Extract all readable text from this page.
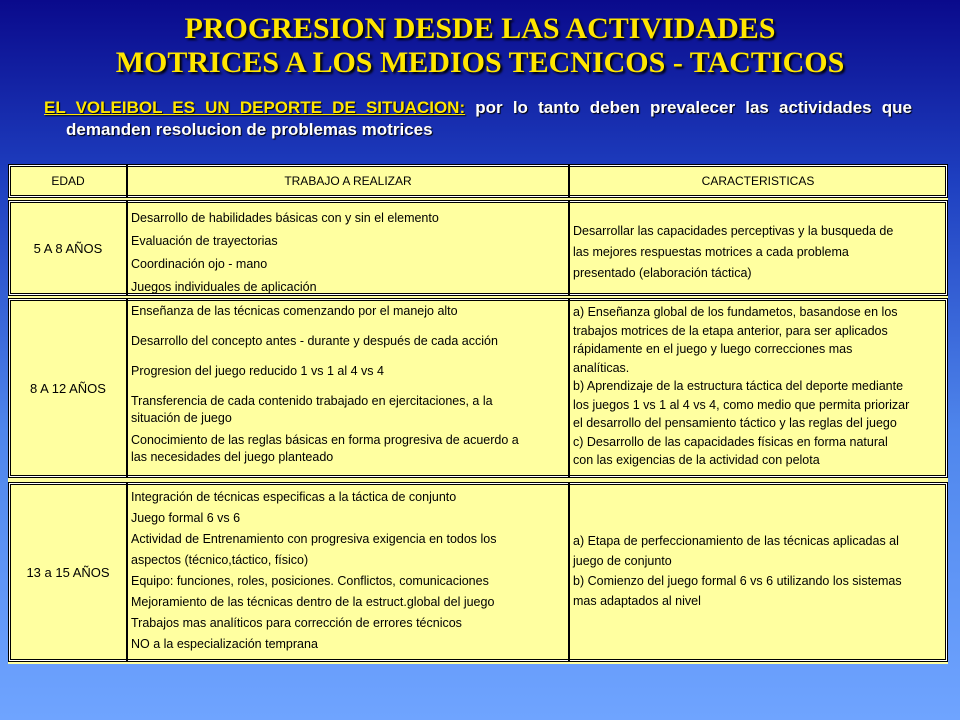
PROGRESION DESDE LAS ACTIVIDADES
MOTRICES A LOS MEDIOS TECNICOS - TACTICOS
EL VOLEIBOL ES UN DEPORTE DE SITUACION: por lo tanto deben prevalecer las actividades que demanden resolucion de problemas motrices
EDAD	TRABAJO A REALIZAR	CARACTERISTICAS
5 A 8 AÑOS
Desarrollo de habilidades básicas con y sin el elemento
Evaluación de trayectorias
Coordinación ojo - mano
Juegos individuales de aplicación
Desarrollar las capacidades perceptivas y la busqueda de
las mejores respuestas motrices a cada problema
presentado (elaboración táctica)
8 A 12 AÑOS
Enseñanza de las técnicas comenzando por el manejo alto
Desarrollo del concepto antes - durante y después de cada acción
Progresion del juego reducido 1 vs 1 al 4 vs 4
Transferencia de cada contenido trabajado en ejercitaciones, a la
situación de juego
Conocimiento de las reglas básicas en forma progresiva de acuerdo a
las necesidades del juego planteado
a) Enseñanza global de los fundametos, basandose en los
trabajos motrices de la etapa anterior, para ser aplicados
rápidamente en el juego y luego correcciones mas
analíticas.
b) Aprendizaje de la estructura táctica del deporte mediante
los juegos 1 vs 1 al 4 vs 4, como medio que permita priorizar
el desarrollo del pensamiento táctico y las reglas del juego
c) Desarrollo de las capacidades físicas en forma natural
con las exigencias de la actividad con pelota
13 a 15 AÑOS
Integración de técnicas especificas a la táctica de conjunto
Juego formal 6 vs 6
Actividad de Entrenamiento con progresiva exigencia en todos los
aspectos (técnico,táctico, físico)
Equipo: funciones, roles, posiciones. Conflictos, comunicaciones
Mejoramiento de las técnicas dentro de la estruct.global del juego
Trabajos mas analíticos para corrección de errores técnicos
NO a la especialización temprana
a) Etapa de perfeccionamiento de las técnicas aplicadas al
juego de conjunto
b) Comienzo del juego formal 6 vs 6 utilizando los sistemas
mas adaptados al nivel
